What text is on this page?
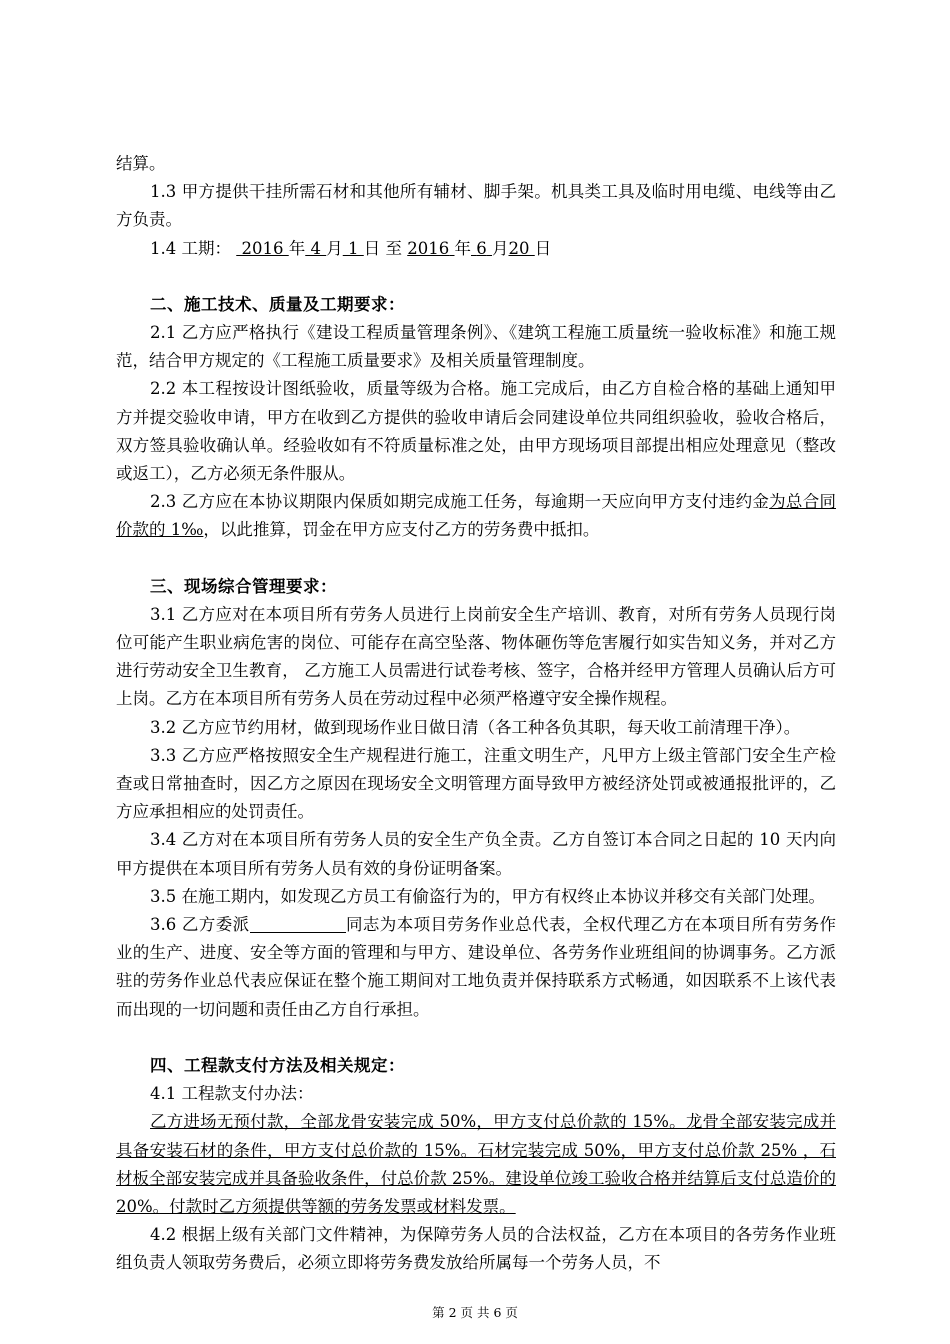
结算。

1.3 甲方提供干挂所需石材和其他所有辅材、脚手架。机具类工具及临时用电缆、电线等由乙方负责。

1.4 工期： 2016 年 4 月 1 日 至 2016 年 6 月20 日

二、施工技术、质量及工期要求：

2.1 乙方应严格执行《建设工程质量管理条例》、《建筑工程施工质量统一验收标准》和施工规范，结合甲方规定的《工程施工质量要求》及相关质量管理制度。

2.2 本工程按设计图纸验收，质量等级为合格。施工完成后，由乙方自检合格的基础上通知甲方并提交验收申请，甲方在收到乙方提供的验收申请后会同建设单位共同组织验收，验收合格后，双方签具验收确认单。经验收如有不符质量标准之处，由甲方现场项目部提出相应处理意见（整改或返工），乙方必须无条件服从。

2.3 乙方应在本协议期限内保质如期完成施工任务，每逾期一天应向甲方支付违约金为总合同价款的 1‰，以此推算，罚金在甲方应支付乙方的劳务费中抵扣。

三、现场综合管理要求：

3.1 乙方应对在本项目所有劳务人员进行上岗前安全生产培训、教育，对所有劳务人员现行岗位可能产生职业病危害的岗位、可能存在高空坠落、物体砸伤等危害履行如实告知义务，并对乙方进行劳动安全卫生教育， 乙方施工人员需进行试卷考核、签字，合格并经甲方管理人员确认后方可上岗。乙方在本项目所有劳务人员在劳动过程中必须严格遵守安全操作规程。

3.2 乙方应节约用材，做到现场作业日做日清（各工种各负其职，每天收工前清理干净）。

3.3 乙方应严格按照安全生产规程进行施工，注重文明生产，凡甲方上级主管部门安全生产检查或日常抽查时，因乙方之原因在现场安全文明管理方面导致甲方被经济处罚或被通报批评的，乙方应承担相应的处罚责任。

3.4 乙方对在本项目所有劳务人员的安全生产负全责。乙方自签订本合同之日起的 10 天内向甲方提供在本项目所有劳务人员有效的身份证明备案。

3.5 在施工期内，如发现乙方员工有偷盗行为的，甲方有权终止本协议并移交有关部门处理。

3.6 乙方委派	同志为本项目劳务作业总代表，全权代理乙方在本项目所有劳务作业的生产、进度、安全等方面的管理和与甲方、建设单位、各劳务作业班组间的协调事务。乙方派驻的劳务作业总代表应保证在整个施工期间对工地负责并保持联系方式畅通，如因联系不上该代表而出现的一切问题和责任由乙方自行承担。

四、工程款支付方法及相关规定：

4.1 工程款支付办法：

乙方进场无预付款，全部龙骨安装完成 50%，甲方支付总价款的 15%。龙骨全部安装完成并具备安装石材的条件，甲方支付总价款的 15%。石材完装完成 50%，甲方支付总价款 25% ，石材板全部安装完成并具备验收条件，付总价款 25%。建设单位竣工验收合格并结算后支付总造价的 20%。付款时乙方须提供等额的劳务发票或材料发票。

4.2 根据上级有关部门文件精神，为保障劳务人员的合法权益，乙方在本项目的各劳务作业班组负责人领取劳务费后，必须立即将劳务费发放给所属每一个劳务人员，不

第 2 页 共 6 页
